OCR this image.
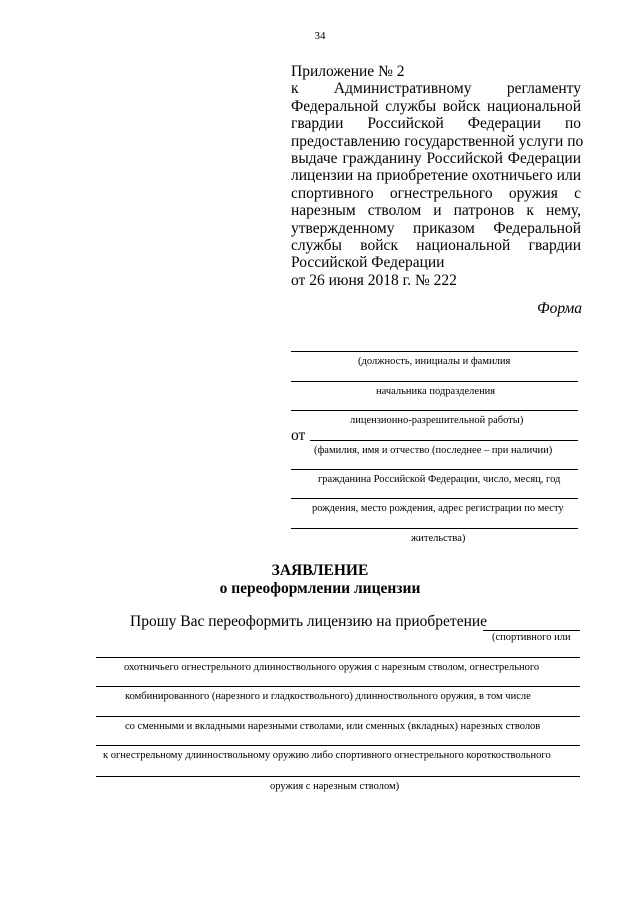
34
Приложение № 2
к Административному регламенту
Федеральной службы войск национальной
гвардии Российской Федерации по
предоставлению государственной услуги по
выдаче гражданину Российской Федерации
лицензии на приобретение охотничьего или
спортивного огнестрельного оружия с
нарезным стволом и патронов к нему,
утвержденному приказом Федеральной
службы войск национальной гвардии
Российской Федерации
от 26 июня 2018 г. № 222
Форма
(должность, инициалы и фамилия
начальника подразделения
лицензионно-разрешительной работы)
от
(фамилия, имя и отчество (последнее – при наличии)
гражданина Российской Федерации, число, месяц, год
рождения, место рождения, адрес регистрации по месту
жительства)
ЗАЯВЛЕНИЕ
о переоформлении лицензии
Прошу Вас переоформить лицензию на приобретение
(спортивного или
охотничьего огнестрельного длинноствольного оружия с нарезным стволом, огнестрельного
комбинированного (нарезного и гладкоствольного) длинноствольного оружия, в том числе
со сменными и вкладными нарезными стволами, или сменных (вкладных) нарезных стволов
к огнестрельному длинноствольному оружию либо спортивного огнестрельного короткоствольного
оружия с нарезным стволом)
